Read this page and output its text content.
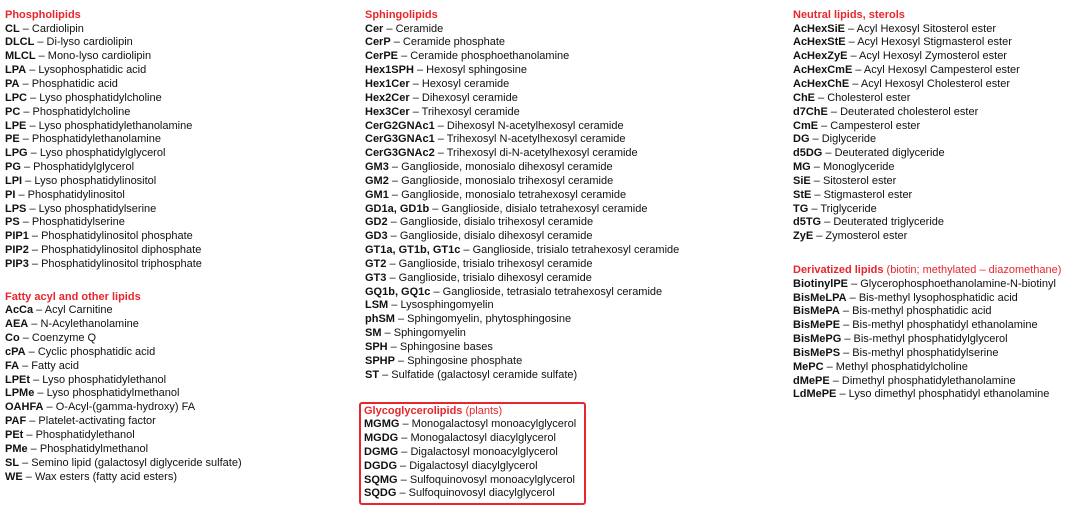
Phospholipids
CL – Cardiolipin
DLCL – Di-lyso cardiolipin
MLCL – Mono-lyso cardiolipin
LPA – Lysophosphatidic acid
PA – Phosphatidic acid
LPC – Lyso phosphatidylcholine
PC – Phosphatidylcholine
LPE – Lyso phosphatidylethanolamine
PE – Phosphatidylethanolamine
LPG – Lyso phosphatidylglycerol
PG – Phosphatidylglycerol
LPI – Lyso phosphatidylinositol
PI – Phosphatidylinositol
LPS – Lyso phosphatidylserine
PS – Phosphatidylserine
PIP1 – Phosphatidylinositol phosphate
PIP2 – Phosphatidylinositol diphosphate
PIP3 – Phosphatidylinositol triphosphate
Fatty acyl and other lipids
AcCa – Acyl Carnitine
AEA – N-Acylethanolamine
Co – Coenzyme Q
cPA – Cyclic phosphatidic acid
FA – Fatty acid
LPEt – Lyso phosphatidylethanol
LPMe – Lyso phosphatidylmethanol
OAHFA – O-Acyl-(gamma-hydroxy) FA
PAF – Platelet-activating factor
PEt – Phosphatidylethanol
PMe – Phosphatidylmethanol
SL – Semino lipid (galactosyl diglyceride sulfate)
WE – Wax esters (fatty acid esters)
Sphingolipids
Cer – Ceramide
CerP – Ceramide phosphate
CerPE – Ceramide phosphoethanolamine
Hex1SPH – Hexosyl sphingosine
Hex1Cer – Hexosyl ceramide
Hex2Cer – Dihexosyl ceramide
Hex3Cer – Trihexosyl ceramide
CerG2GNAc1 – Dihexosyl N-acetylhexosyl ceramide
CerG3GNAc1 – Trihexosyl N-acetylhexosyl ceramide
CerG3GNAc2 – Trihexosyl di-N-acetylhexosyl ceramide
GM3 – Ganglioside, monosialo dihexosyl ceramide
GM2 – Ganglioside, monosialo trihexosyl ceramide
GM1 – Ganglioside, monosialo tetrahexosyl ceramide
GD1a, GD1b – Ganglioside, disialo tetrahexosyl ceramide
GD2 – Ganglioside, disialo trihexosyl ceramide
GD3 – Ganglioside, disialo dihexosyl ceramide
GT1a, GT1b, GT1c – Ganglioside, trisialo tetrahexosyl ceramide
GT2 – Ganglioside, trisialo trihexosyl ceramide
GT3 – Ganglioside, trisialo dihexosyl ceramide
GQ1b, GQ1c – Ganglioside, tetrasialo tetrahexosyl ceramide
LSM – Lysosphingomyelin
phSM – Sphingomyelin, phytosphingosine
SM – Sphingomyelin
SPH – Sphingosine bases
SPHP – Sphingosine phosphate
ST – Sulfatide (galactosyl ceramide sulfate)
Glycoglycerolipids (plants)
MGMG – Monogalactosyl monoacylglycerol
MGDG – Monogalactosyl diacylglycerol
DGMG – Digalactosyl monoacylglycerol
DGDG – Digalactosyl diacylglycerol
SQMG – Sulfoquinovosyl monoacylglycerol
SQDG – Sulfoquinovosyl diacylglycerol
Neutral lipids, sterols
AcHexSiE – Acyl Hexosyl Sitosterol ester
AcHexStE – Acyl Hexosyl Stigmasterol ester
AcHexZyE – Acyl Hexosyl Zymosterol ester
AcHexCmE – Acyl Hexosyl Campesterol ester
AcHexChE – Acyl Hexosyl Cholesterol ester
ChE – Cholesterol ester
d7ChE – Deuterated cholesterol ester
CmE – Campesterol ester
DG – Diglyceride
d5DG – Deuterated diglyceride
MG – Monoglyceride
SiE – Sitosterol ester
StE – Stigmasterol ester
TG – Triglyceride
d5TG – Deuterated triglyceride
ZyE – Zymosterol ester
Derivatized lipids (biotin; methylated – diazomethane)
BiotinylPE – Glycerophosphoethanolamine-N-biotinyl
BisMeLPA – Bis-methyl lysophosphatidic acid
BisMePA – Bis-methyl phosphatidic acid
BisMePE – Bis-methyl phosphatidyl ethanolamine
BisMePG – Bis-methyl phosphatidylglycerol
BisMePS – Bis-methyl phosphatidylserine
MePC – Methyl phosphatidylcholine
dMePE – Dimethyl phosphatidylethanolamine
LdMePE – Lyso dimethyl phosphatidyl ethanolamine
